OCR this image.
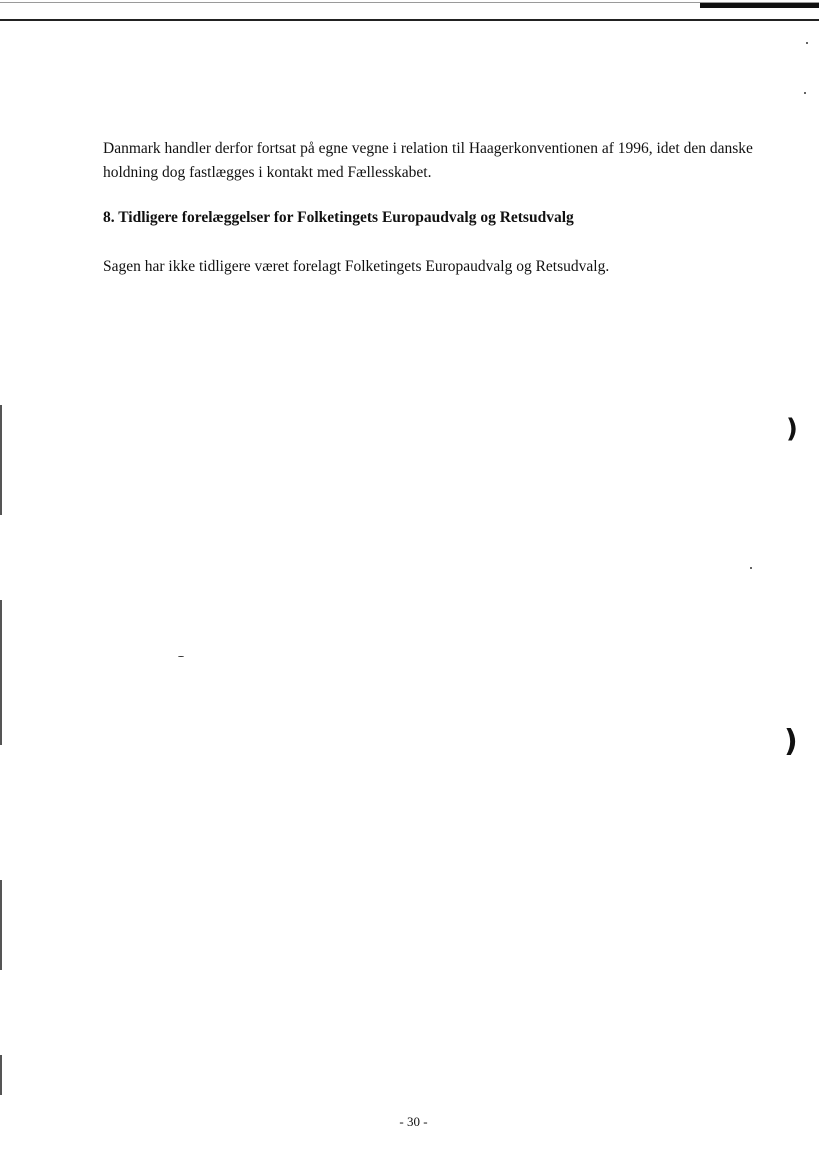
Danmark handler derfor fortsat på egne vegne i relation til Haagerkonventionen af 1996, idet den danske holdning dog fastlægges i kontakt med Fællesskabet.

8. Tidligere forelæggelser for Folketingets Europaudvalg og Retsudvalg

Sagen har ikke tidligere været forelagt Folketingets Europaudvalg og Retsudvalg.

)
)
- 30 -
